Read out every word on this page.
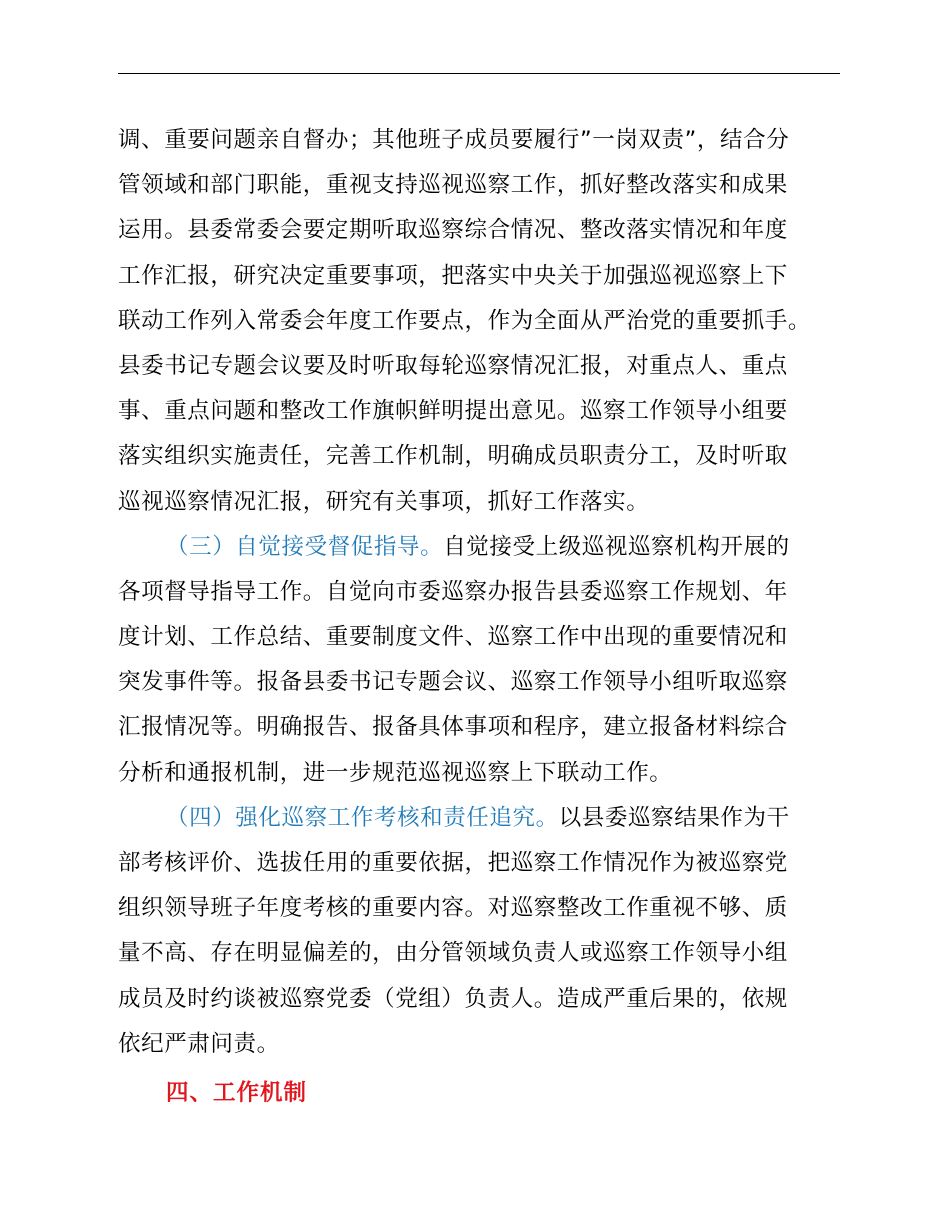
调、重要问题亲自督办；其他班子成员要履行”一岗双责”，结合分
管领域和部门职能，重视支持巡视巡察工作，抓好整改落实和成果
运用。县委常委会要定期听取巡察综合情况、整改落实情况和年度
工作汇报，研究决定重要事项，把落实中央关于加强巡视巡察上下
联动工作列入常委会年度工作要点，作为全面从严治党的重要抓手。
县委书记专题会议要及时听取每轮巡察情况汇报，对重点人、重点
事、重点问题和整改工作旗帜鲜明提出意见。巡察工作领导小组要
落实组织实施责任，完善工作机制，明确成员职责分工，及时听取
巡视巡察情况汇报，研究有关事项，抓好工作落实。
（三）自觉接受督促指导。自觉接受上级巡视巡察机构开展的
各项督导指导工作。自觉向市委巡察办报告县委巡察工作规划、年
度计划、工作总结、重要制度文件、巡察工作中出现的重要情况和
突发事件等。报备县委书记专题会议、巡察工作领导小组听取巡察
汇报情况等。明确报告、报备具体事项和程序，建立报备材料综合
分析和通报机制，进一步规范巡视巡察上下联动工作。
（四）强化巡察工作考核和责任追究。以县委巡察结果作为干
部考核评价、选拔任用的重要依据，把巡察工作情况作为被巡察党
组织领导班子年度考核的重要内容。对巡察整改工作重视不够、质
量不高、存在明显偏差的，由分管领域负责人或巡察工作领导小组
成员及时约谈被巡察党委（党组）负责人。造成严重后果的，依规
依纪严肃问责。
四、工作机制
